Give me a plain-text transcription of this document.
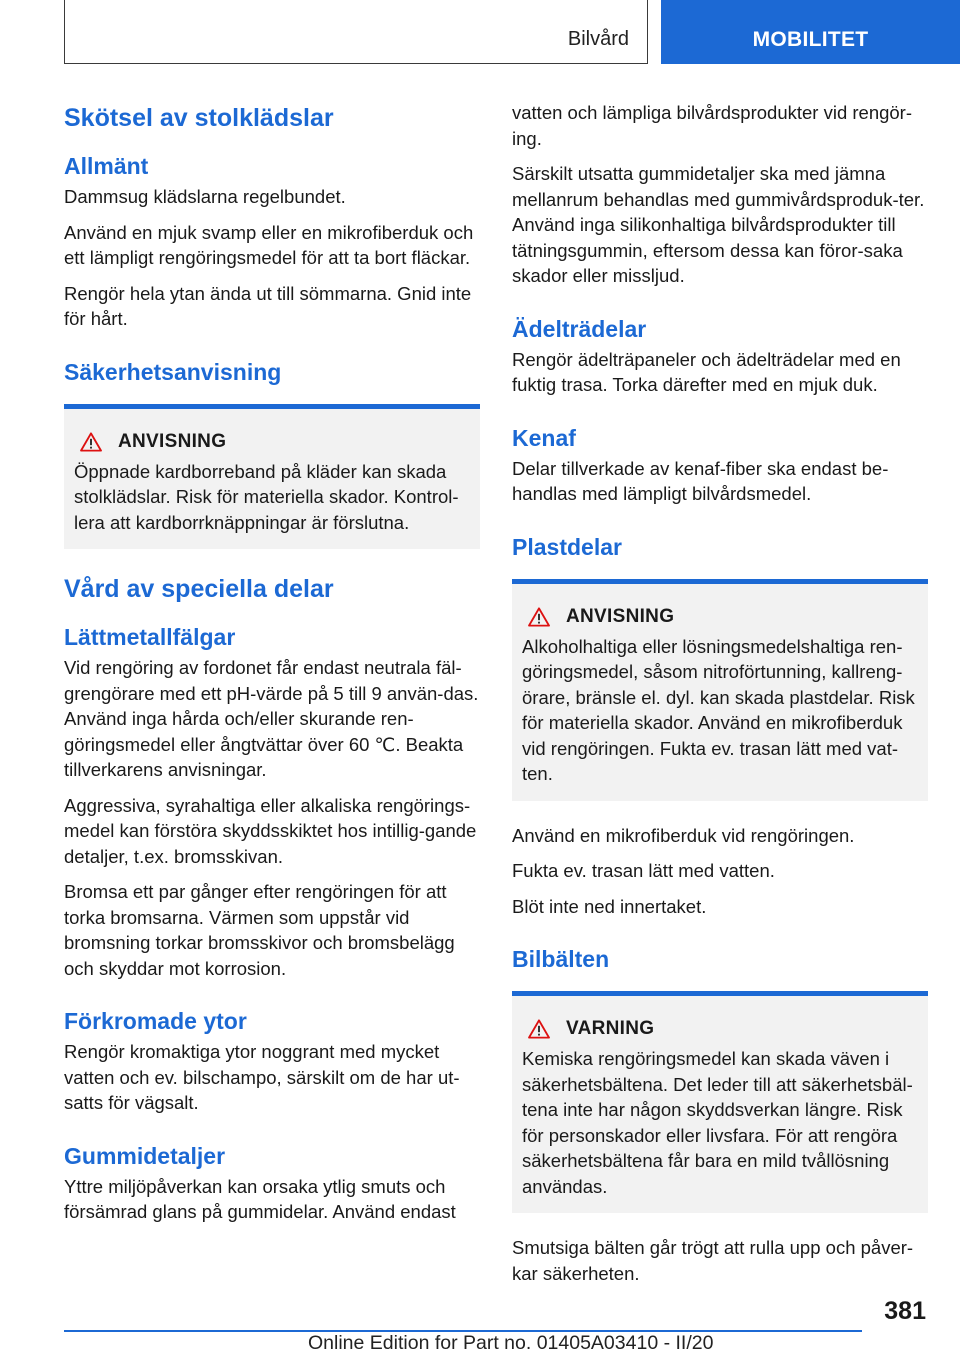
Bilvård	MOBILITET
Skötsel av stolklädslar
Allmänt

Dammsug klädslarna regelbundet.

Använd en mjuk svamp eller en mikrofiberduk och ett lämpligt rengöringsmedel för att ta bort fläckar.

Rengör hela ytan ända ut till sömmarna. Gnid inte för hårt.

Säkerhetsanvisning
ANVISNING

Öppnade kardborreband på kläder kan skada stolklädslar. Risk för materiella skador. Kontrol‐lera att kardborrknäppningar är förslutna.

Vård av speciella delar
Lättmetallfälgar

Vid rengöring av fordonet får endast neutrala fäl‐grengörare med ett pH-värde på 5 till 9 använ‐das. Använd inga hårda och/eller skurande ren‐göringsmedel eller ångtvättar över 60 ℃. Beakta tillverkarens anvisningar.

Aggressiva, syrahaltiga eller alkaliska rengörings‐medel kan förstöra skyddsskiktet hos intillig‐gande detaljer, t.ex. bromsskivan.

Bromsa ett par gånger efter rengöringen för att torka bromsarna. Värmen som uppstår vid bromsning torkar bromsskivor och bromsbelägg och skyddar mot korrosion.

Förkromade ytor

Rengör kromaktiga ytor noggrant med mycket vatten och ev. bilschampo, särskilt om de har ut‐satts för vägsalt.

Gummidetaljer

Yttre miljöpåverkan kan orsaka ytlig smuts och försämrad glans på gummidelar. Använd endast

vatten och lämpliga bilvårdsprodukter vid rengör‐ing.

Särskilt utsatta gummidetaljer ska med jämna mellanrum behandlas med gummivårdsproduk‐ter. Använd inga silikonhaltiga bilvårdsprodukter till tätningsgummin, eftersom dessa kan föror‐saka skador eller missljud.

Ädelträdelar

Rengör ädelträpaneler och ädelträdelar med en fuktig trasa. Torka därefter med en mjuk duk.

Kenaf

Delar tillverkade av kenaf-fiber ska endast be‐handlas med lämpligt bilvårdsmedel.

Plastdelar
ANVISNING

Alkoholhaltiga eller lösningsmedelshaltiga ren‐göringsmedel, såsom nitroförtunning, kallreng‐örare, bränsle el. dyl. kan skada plastdelar. Risk för materiella skador. Använd en mikrofiberduk vid rengöringen. Fukta ev. trasan lätt med vat‐ten.

Använd en mikrofiberduk vid rengöringen.

Fukta ev. trasan lätt med vatten.

Blöt inte ned innertaket.

Bilbälten
VARNING

Kemiska rengöringsmedel kan skada väven i säkerhetsbältena. Det leder till att säkerhetsbäl‐tena inte har någon skyddsverkan längre. Risk för personskador eller livsfara. För att rengöra säkerhetsbältena får bara en mild tvållösning användas.

Smutsiga bälten går trögt att rulla upp och påver‐kar säkerheten.

381
Online Edition for Part no. 01405A03410 - II/20
